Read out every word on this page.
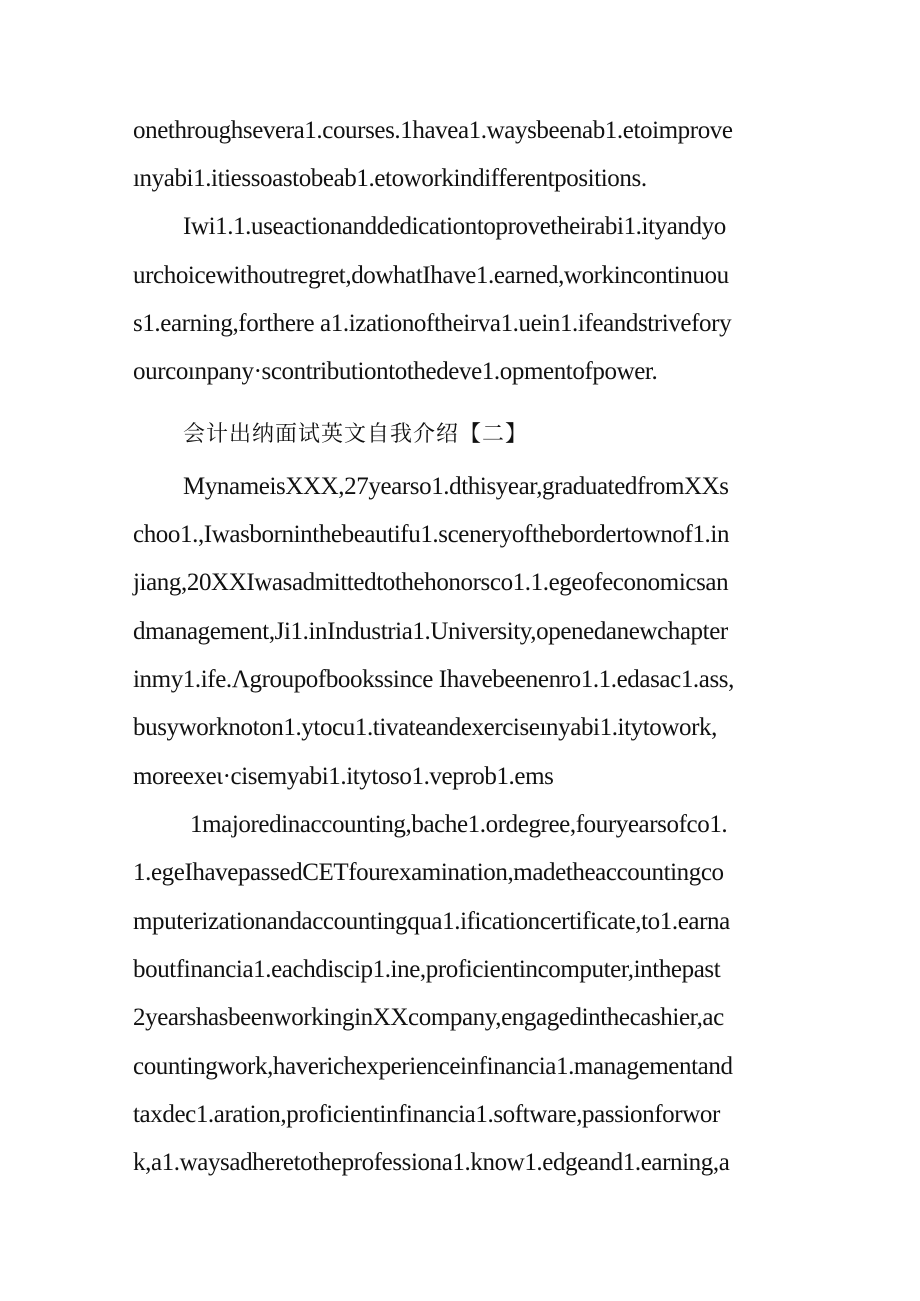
onethroughsevera1.courses.1havea1.waysbeenab1.etoimprove
ınyabi1.itiessoastobeab1.etoworkindifferentpositions.
Iwi1.1.useactionanddedicationtoprovetheirabi1.ityandyo
urchoicewithoutregret,dowhatIhave1.earned,workincontinuou
s1.earning,forthere a1.izationoftheirva1.uein1.ifeandstrivefory
ourcoınpany·scontributiontothedeve1.opmentofpower.
会计出纳面试英文自我介绍【二】
MynameisXXX,27yearso1.dthisyear,graduatedfromXXs
choo1.,Iwasborninthebeautifu1.sceneryofthebordertownof1.in
jiang,20XXIwasadmittedtothehonorsco1.1.egeofeconomicsan
dmanagement,Ji1.inIndustria1.University,openedanewchapter
inmy1.ife.Λgroupofbookssince Ihavebeenenro1.1.edasac1.ass,
busyworknoton1.ytocu1.tivateandexerciseınyabi1.itytowork,
moreexeι·cisemyabi1.itytoso1.veprob1.ems
1majoredinaccounting,bache1.ordegree,fouryearsofco1.
1.egeIhavepassedCETfourexamination,madetheaccountingco
mputerizationandaccountingqua1.ificationcertificate,to1.earna
boutfinancia1.eachdiscip1.ine,proficientincomputer,inthepast
2yearshasbeenworkinginXXcompany,engagedinthecashier,ac
countingwork,haverichexperienceinfinancia1.managementand
taxdec1.aration,proficientinfinancia1.software,passionforwor
k,a1.waysadheretotheprofessiona1.know1.edgeand1.earning,a
